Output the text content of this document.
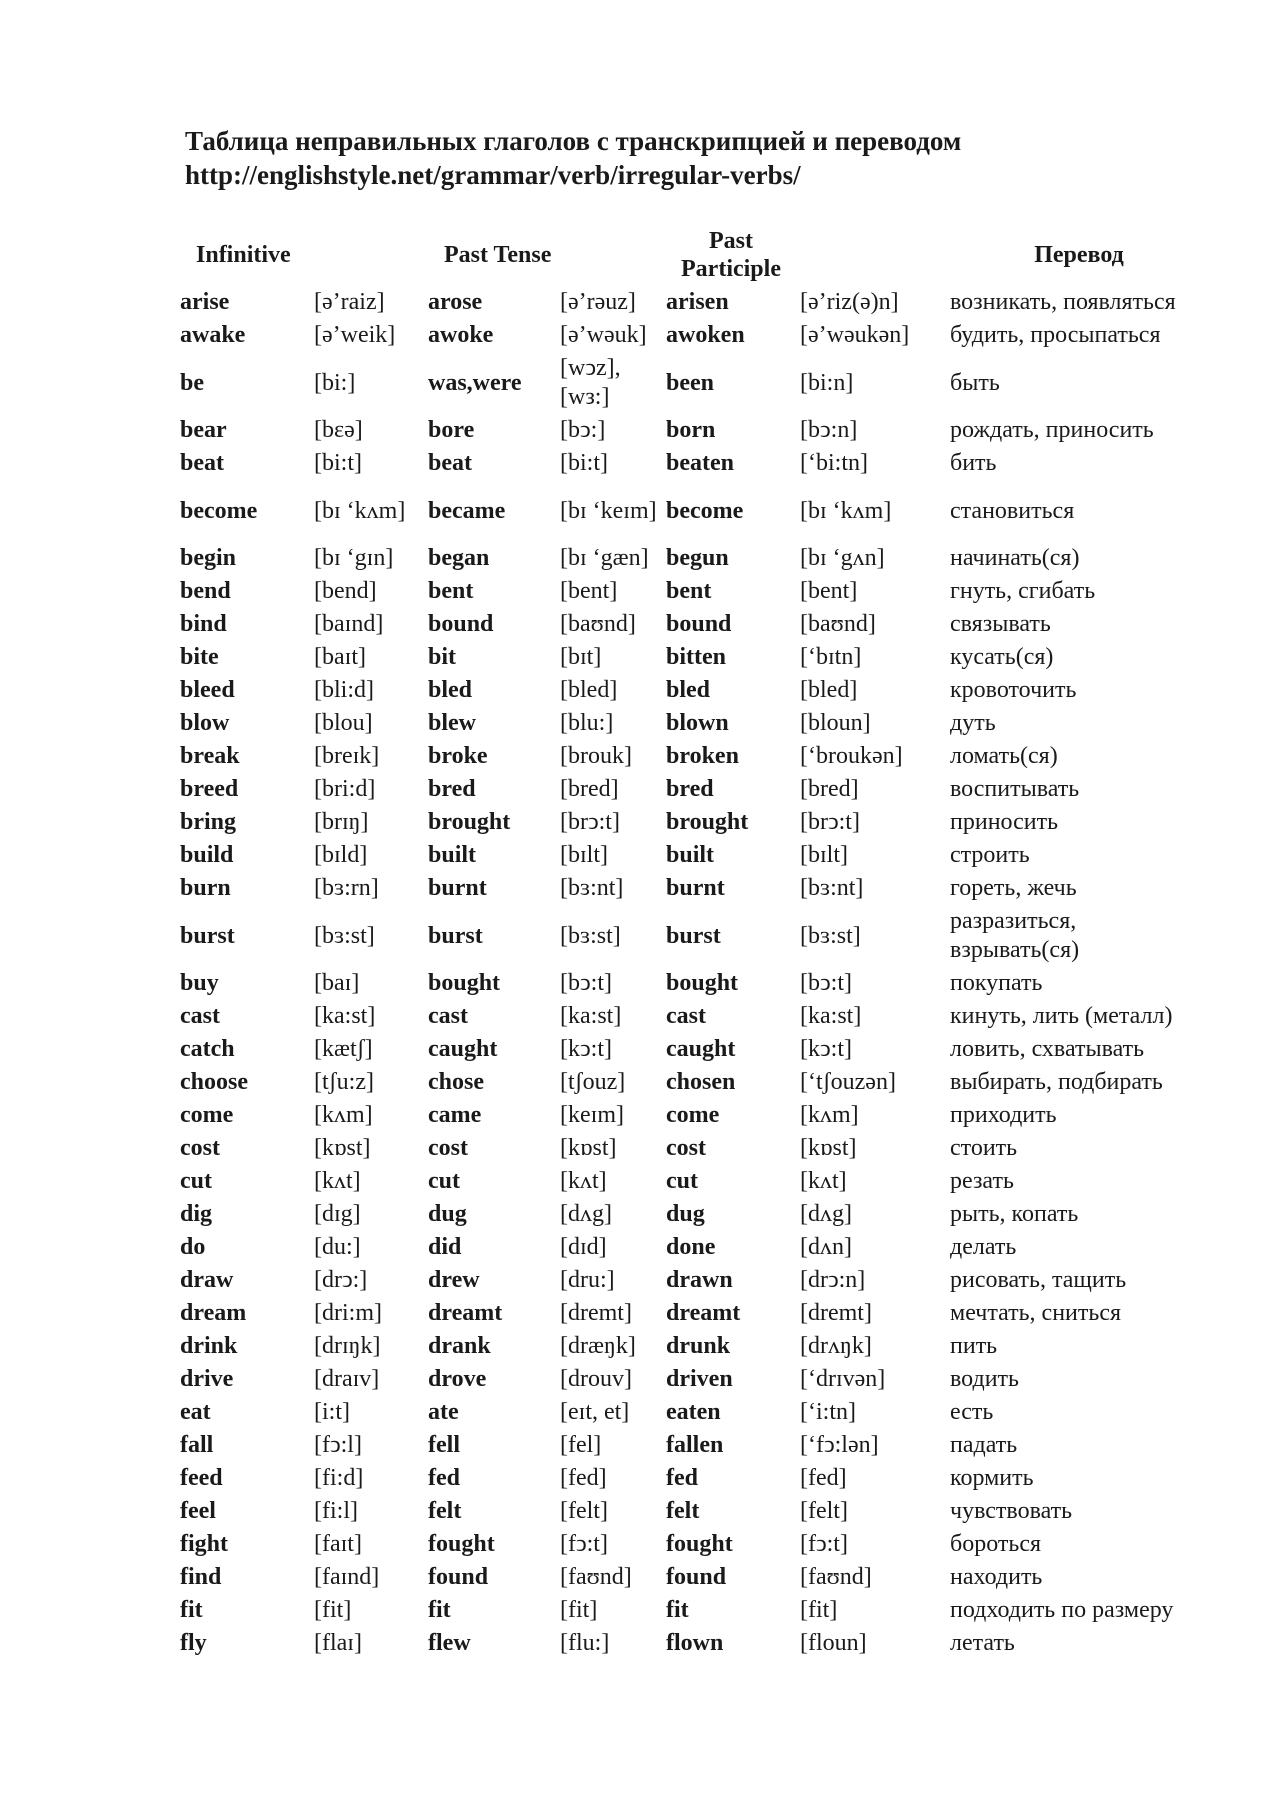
Таблица неправильных глаголов с транскрипцией и переводом
http://englishstyle.net/grammar/verb/irregular-verbs/
Infinitive		Past Tense		Past
Participle		Перевод
arise	[ə’raiz]	arose	[ə’rəuz]	arisen	[ə’riz(ə)n]	возникать, появляться
awake	[ə’weik]	awoke	[ə’wəuk]	awoken	[ə’wəukən]	будить, просыпаться
be	[bi:]	was,were	[wↄz], [wз:]	been	[bi:n]	быть
bear	[bɛə]	bore	[bↄ:]	born	[bↄ:n]	рождать, приносить
beat	[bi:t]	beat	[bi:t]	beaten	[‘bi:tn]	бить
become	[bɪ ‘kʌm]	became	[bɪ ‘keɪm]	become	[bɪ ‘kʌm]	становиться
begin	[bɪ ‘gɪn]	began	[bɪ ‘gæn]	begun	[bɪ ‘gʌn]	начинать(ся)
bend	[bend]	bent	[bent]	bent	[bent]	гнуть, сгибать
bind	[baɪnd]	bound	[baʊnd]	bound	[baʊnd]	связывать
bite	[baɪt]	bit	[bɪt]	bitten	[‘bɪtn]	кусать(ся)
bleed	[bli:d]	bled	[bled]	bled	[bled]	кровоточить
blow	[blou]	blew	[blu:]	blown	[bloun]	дуть
break	[breɪk]	broke	[brouk]	broken	[‘broukən]	ломать(ся)
breed	[bri:d]	bred	[bred]	bred	[bred]	воспитывать
bring	[brɪŋ]	brought	[brↄ:t]	brought	[brↄ:t]	приносить
build	[bɪld]	built	[bɪlt]	built	[bɪlt]	строить
burn	[bɜ:rn]	burnt	[bɜ:nt]	burnt	[bɜ:nt]	гореть, жечь
burst	[bɜ:st]	burst	[bɜ:st]	burst	[bɜ:st]	разразиться, взрывать(ся)
buy	[baɪ]	bought	[bↄ:t]	bought	[bↄ:t]	покупать
cast	[ka:st]	cast	[ka:st]	cast	[ka:st]	кинуть, лить (металл)
catch	[kætʃ]	caught	[kↄ:t]	caught	[kↄ:t]	ловить, схватывать
choose	[tʃu:z]	chose	[tʃouz]	chosen	[‘tʃouzən]	выбирать, подбирать
come	[kʌm]	came	[keɪm]	come	[kʌm]	приходить
cost	[kɒst]	cost	[kɒst]	cost	[kɒst]	стоить
cut	[kʌt]	cut	[kʌt]	cut	[kʌt]	резать
dig	[dɪg]	dug	[dʌg]	dug	[dʌg]	рыть, копать
do	[du:]	did	[dɪd]	done	[dʌn]	делать
draw	[drↄ:]	drew	[dru:]	drawn	[drↄ:n]	рисовать, тащить
dream	[dri:m]	dreamt	[dremt]	dreamt	[dremt]	мечтать, сниться
drink	[drɪŋk]	drank	[dræŋk]	drunk	[drʌŋk]	пить
drive	[draɪv]	drove	[drouv]	driven	[‘drɪvən]	водить
eat	[i:t]	ate	[eɪt, et]	eaten	[‘i:tn]	есть
fall	[fↄ:l]	fell	[fel]	fallen	[‘fↄ:lən]	падать
feed	[fi:d]	fed	[fed]	fed	[fed]	кормить
feel	[fi:l]	felt	[felt]	felt	[felt]	чувствовать
fight	[faɪt]	fought	[fↄ:t]	fought	[fↄ:t]	бороться
find	[faɪnd]	found	[faʊnd]	found	[faʊnd]	находить
fit	[fit]	fit	[fit]	fit	[fit]	подходить по размеру
fly	[flaɪ]	flew	[flu:]	flown	[floun]	летать
